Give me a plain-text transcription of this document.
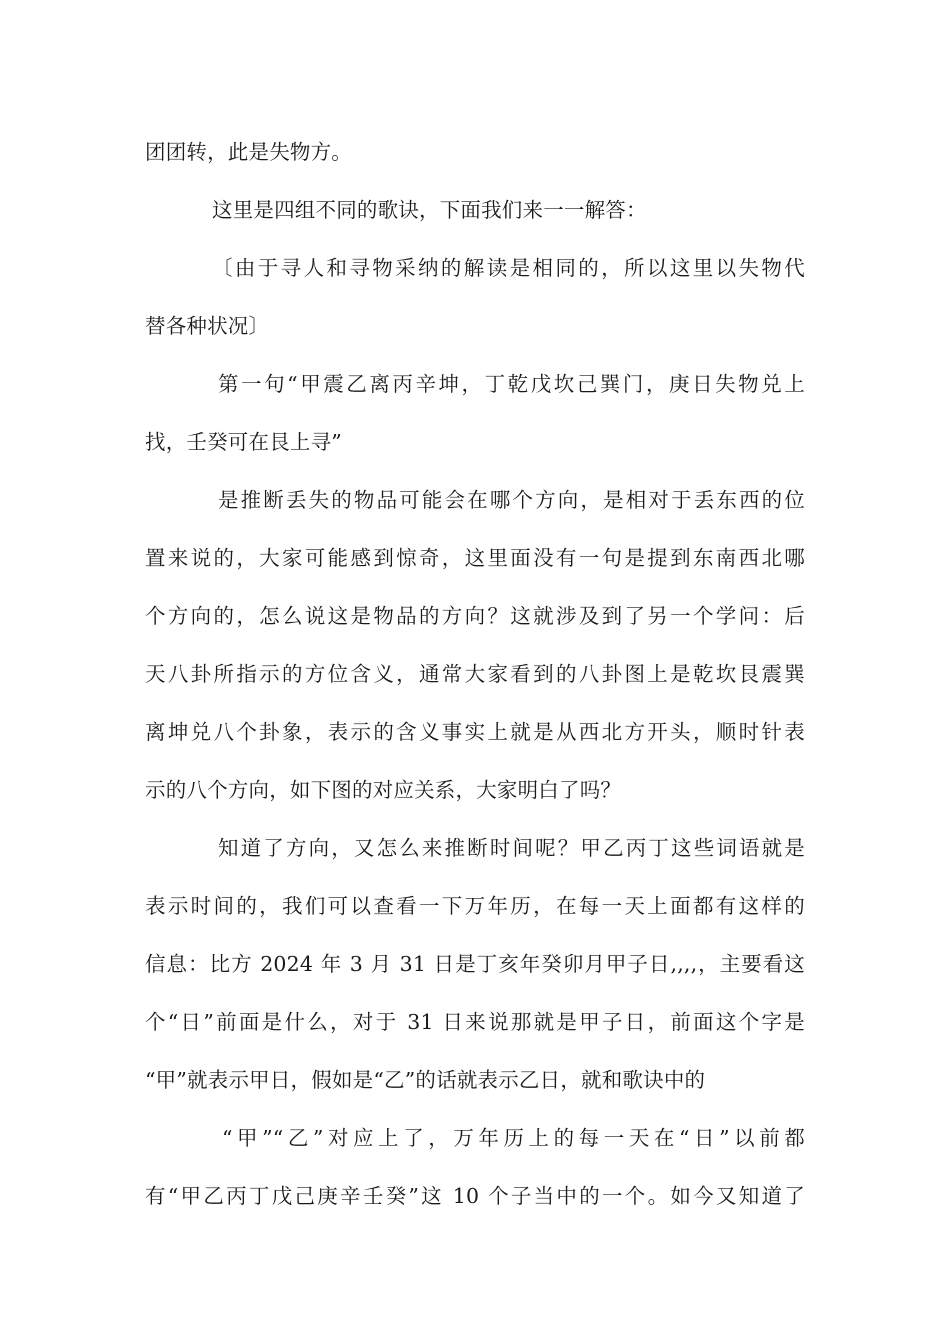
团团转，此是失物方。
这里是四组不同的歌诀，下面我们来一一解答：
〔由于寻人和寻物采纳的解读是相同的，所以这里以失物代
替各种状况〕
第一句“甲震乙离丙辛坤，丁乾戊坎己巽门，庚日失物兑上
找，壬癸可在艮上寻”
是推断丢失的物品可能会在哪个方向，是相对于丢东西的位
置来说的，大家可能感到惊奇，这里面没有一句是提到东南西北哪
个方向的，怎么说这是物品的方向？这就涉及到了另一个学问：后
天八卦所指示的方位含义，通常大家看到的八卦图上是乾坎艮震巽
离坤兑八个卦象，表示的含义事实上就是从西北方开头，顺时针表
示的八个方向，如下图的对应关系，大家明白了吗？
知道了方向，又怎么来推断时间呢？甲乙丙丁这些词语就是
表示时间的，我们可以查看一下万年历，在每一天上面都有这样的
信息：比方 2024 年 3 月 31 日是丁亥年癸卯月甲子日,,,,，主要看这
个“日”前面是什么，对于 31 日来说那就是甲子日，前面这个字是
“甲”就表示甲日，假如是“乙”的话就表示乙日，就和歌诀中的
“甲”“乙”对应上了，万年历上的每一天在“日”以前都
有“甲乙丙丁戊己庚辛壬癸”这 10 个子当中的一个。如今又知道了
